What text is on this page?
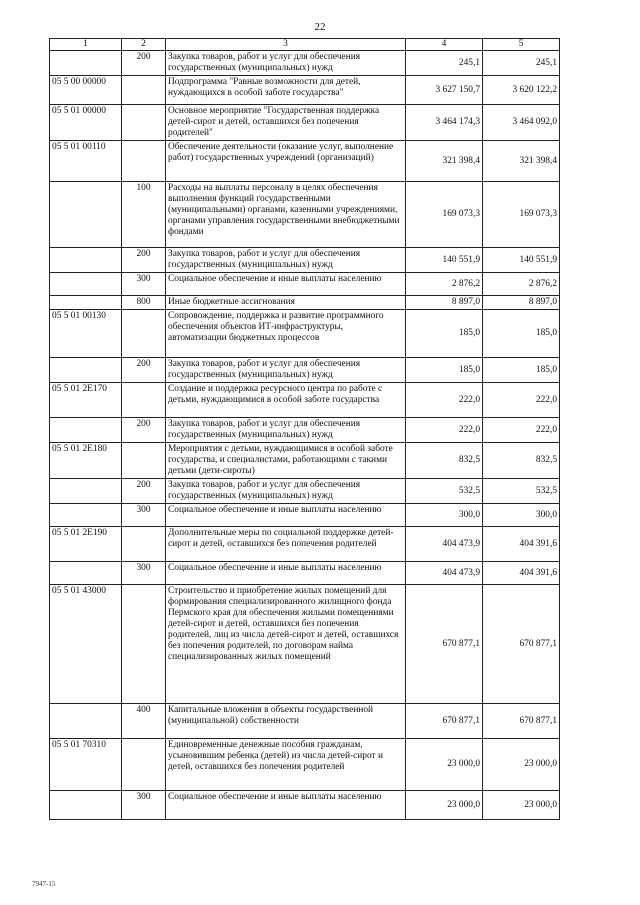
22
1	2	3	4	5
	200	Закупка товаров, работ и услуг для обеспечения государственных (муниципальных) нужд	245,1	245,1
05 5 00 00000		Подпрограмма "Равные возможности для детей, нуждающихся в особой заботе государства"	3 627 150,7	3 620 122,2
05 5 01 00000		Основное мероприятие "Государственная поддержка детей-сирот и детей, оставшихся без попечения родителей"	3 464 174,3	3 464 092,0
05 5 01 00110		Обеспечение деятельности (оказание услуг, выполнение работ) государственных учреждений (организаций)	321 398,4	321 398,4
	100	Расходы на выплаты персоналу в целях обеспечения выполнения функций государственными (муниципальными) органами, казенными учреждениями, органами управления государственными внебюджетными фондами	169 073,3	169 073,3
	200	Закупка товаров, работ и услуг для обеспечения государственных (муниципальных) нужд	140 551,9	140 551,9
	300	Социальное обеспечение и иные выплаты населению	2 876,2	2 876,2
	800	Иные бюджетные ассигнования	8 897,0	8 897,0
05 5 01 00130		Сопровождение, поддержка и развитие программного обеспечения объектов ИТ-инфраструктуры, автоматизации бюджетных процессов	185,0	185,0
	200	Закупка товаров, работ и услуг для обеспечения государственных (муниципальных) нужд	185,0	185,0
05 5 01 2Е170		Создание и поддержка ресурсного центра по работе с детьми, нуждающимися в особой заботе государства	222,0	222,0
	200	Закупка товаров, работ и услуг для обеспечения государственных (муниципальных) нужд	222,0	222,0
05 5 01 2Е180		Мероприятия с детьми, нуждающимися в особой заботе государства, и специалистами, работающими с такими детьми (дети-сироты)	832,5	832,5
	200	Закупка товаров, работ и услуг для обеспечения государственных (муниципальных) нужд	532,5	532,5
	300	Социальное обеспечение и иные выплаты населению	300,0	300,0
05 5 01 2Е190		Дополнительные меры по социальной поддержке детей-сирот и детей, оставшихся без попечения родителей	404 473,9	404 391,6
	300	Социальное обеспечение и иные выплаты населению	404 473,9	404 391,6
05 5 01 43000		Строительство и приобретение жилых помещений для формирования специализированного жилищного фонда Пермского края для обеспечения жилыми помещениями детей-сирот и детей, оставшихся без попечения родителей, лиц из числа детей-сирот и детей, оставшихся без попечения родителей, по договорам найма специализированных жилых помещений	670 877,1	670 877,1
	400	Капитальные вложения в объекты государственной (муниципальной) собственности	670 877,1	670 877,1
05 5 01 70310		Единовременные денежные пособия гражданам, усыновившим ребенка (детей) из числа детей-сирот и детей, оставшихся без попечения родителей	23 000,0	23 000,0
	300	Социальное обеспечение и иные выплаты населению	23 000,0	23 000,0
7947-15
